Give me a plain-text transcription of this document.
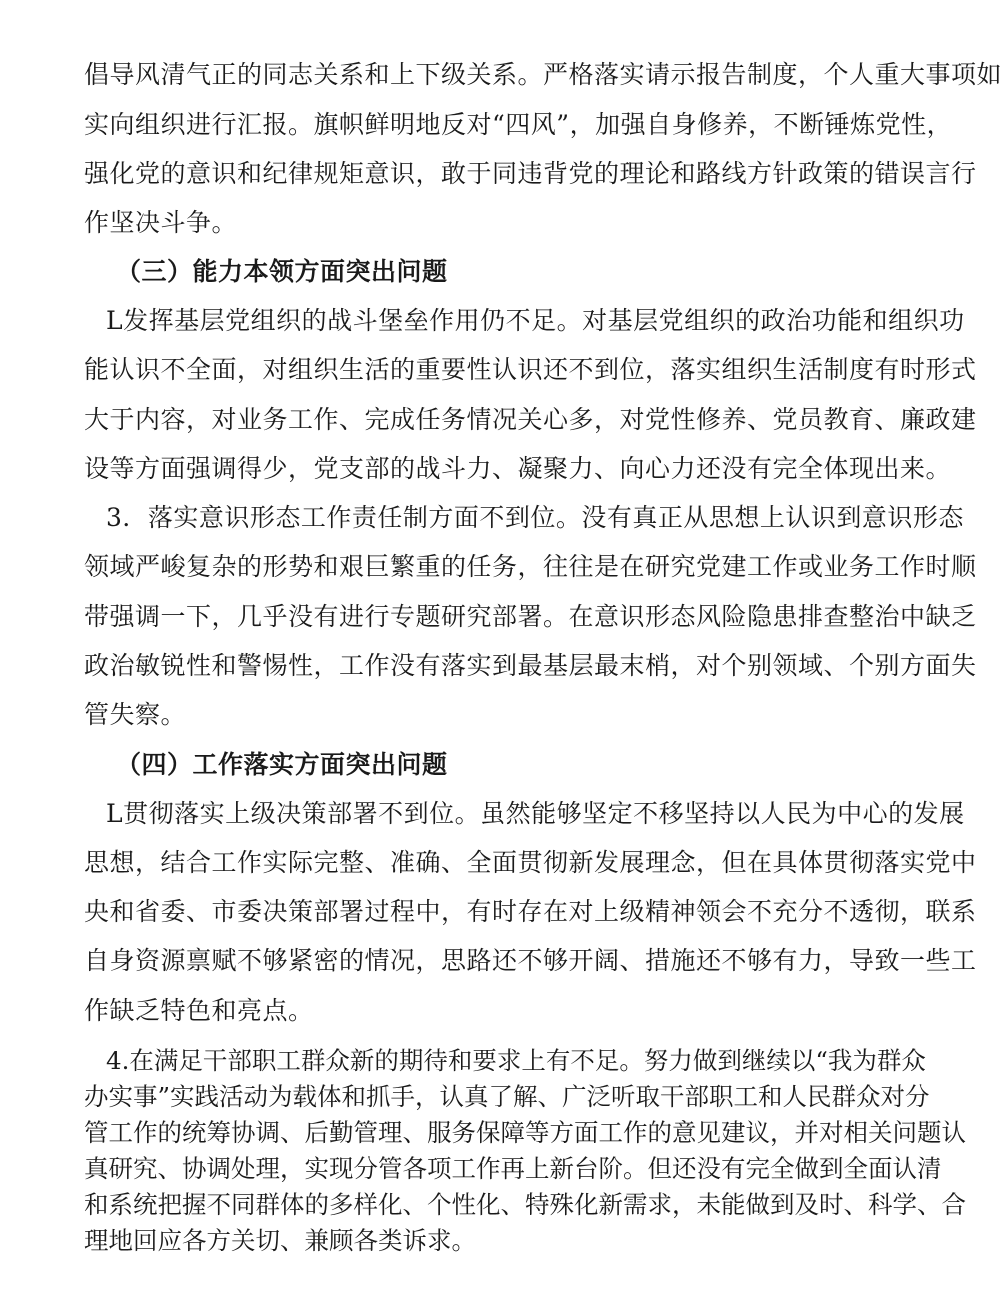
倡导风清气正的同志关系和上下级关系。严格落实请示报告制度，个人重大事项如
实向组织进行汇报。旗帜鲜明地反对“四风”，加强自身修养，不断锤炼党性，
强化党的意识和纪律规矩意识，敢于同违背党的理论和路线方针政策的错误言行
作坚决斗争。
（三）能力本领方面突出问题
L发挥基层党组织的战斗堡垒作用仍不足。对基层党组织的政治功能和组织功
能认识不全面，对组织生活的重要性认识还不到位，落实组织生活制度有时形式
大于内容，对业务工作、完成任务情况关心多，对党性修养、党员教育、廉政建
设等方面强调得少，党支部的战斗力、凝聚力、向心力还没有完全体现出来。
3．落实意识形态工作责任制方面不到位。没有真正从思想上认识到意识形态
领域严峻复杂的形势和艰巨繁重的任务，往往是在研究党建工作或业务工作时顺
带强调一下，几乎没有进行专题研究部署。在意识形态风险隐患排查整治中缺乏
政治敏锐性和警惕性，工作没有落实到最基层最末梢，对个别领域、个别方面失
管失察。
（四）工作落实方面突出问题
L贯彻落实上级决策部署不到位。虽然能够坚定不移坚持以人民为中心的发展
思想，结合工作实际完整、准确、全面贯彻新发展理念，但在具体贯彻落实党中
央和省委、市委决策部署过程中，有时存在对上级精神领会不充分不透彻，联系
自身资源禀赋不够紧密的情况，思路还不够开阔、措施还不够有力，导致一些工
作缺乏特色和亮点。
4.在满足干部职工群众新的期待和要求上有不足。努力做到继续以“我为群众
办实事”实践活动为载体和抓手，认真了解、广泛听取干部职工和人民群众对分
管工作的统筹协调、后勤管理、服务保障等方面工作的意见建议，并对相关问题认
真研究、协调处理，实现分管各项工作再上新台阶。但还没有完全做到全面认清
和系统把握不同群体的多样化、个性化、特殊化新需求，未能做到及时、科学、合
理地回应各方关切、兼顾各类诉求。
